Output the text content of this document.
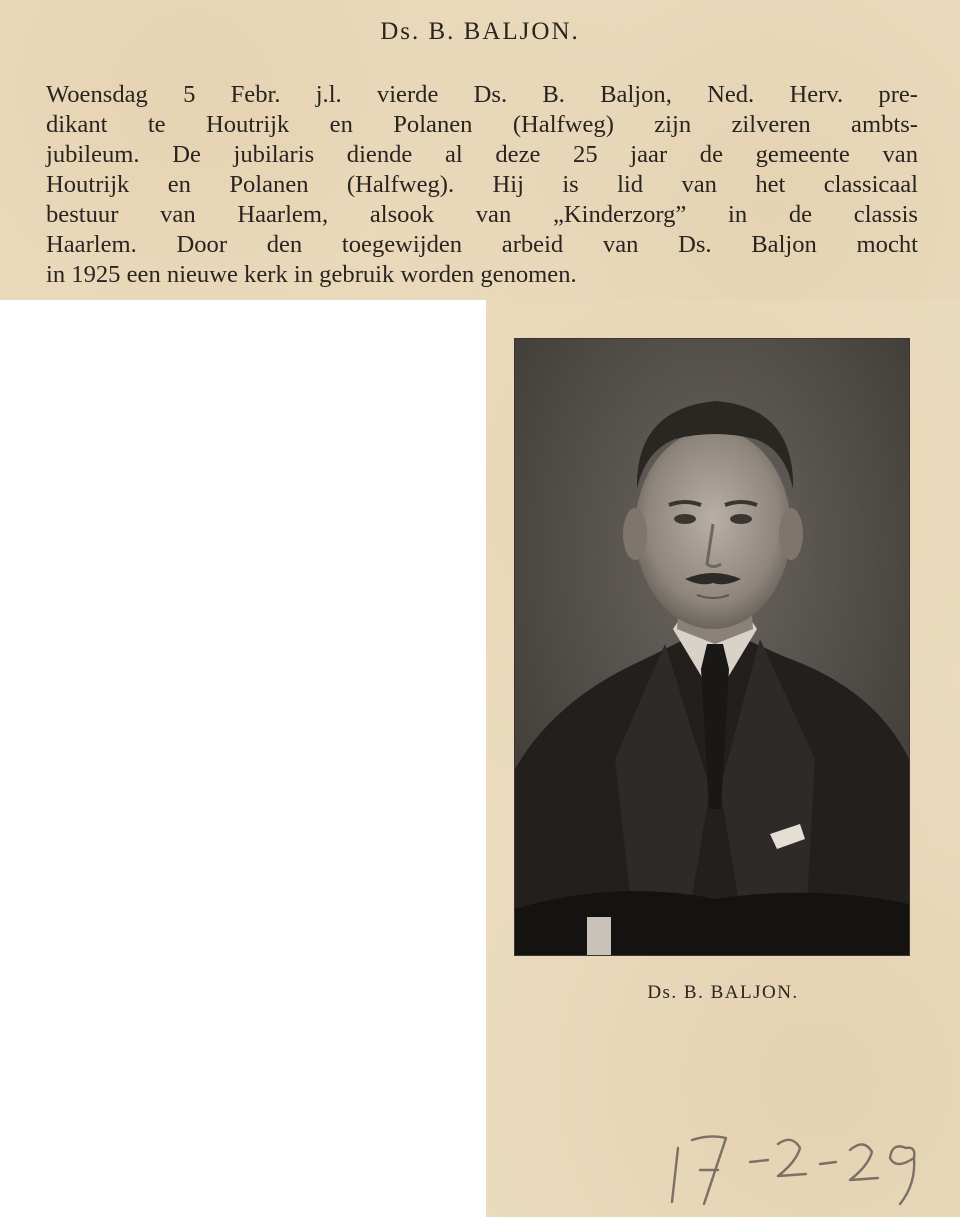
Ds. B. BALJON.
Woensdag 5 Febr. j.l. vierde Ds. B. Baljon, Ned. Herv. pre-
dikant te Houtrijk en Polanen (Halfweg) zijn zilveren ambts-
jubileum. De jubilaris diende al deze 25 jaar de gemeente van
Houtrijk en Polanen (Halfweg). Hij is lid van het classicaal
bestuur van Haarlem, alsook van „Kinderzorg” in de classis
Haarlem. Door den toegewijden arbeid van Ds. Baljon mocht
in 1925 een nieuwe kerk in gebruik worden genomen.
Ds. B. BALJON.
